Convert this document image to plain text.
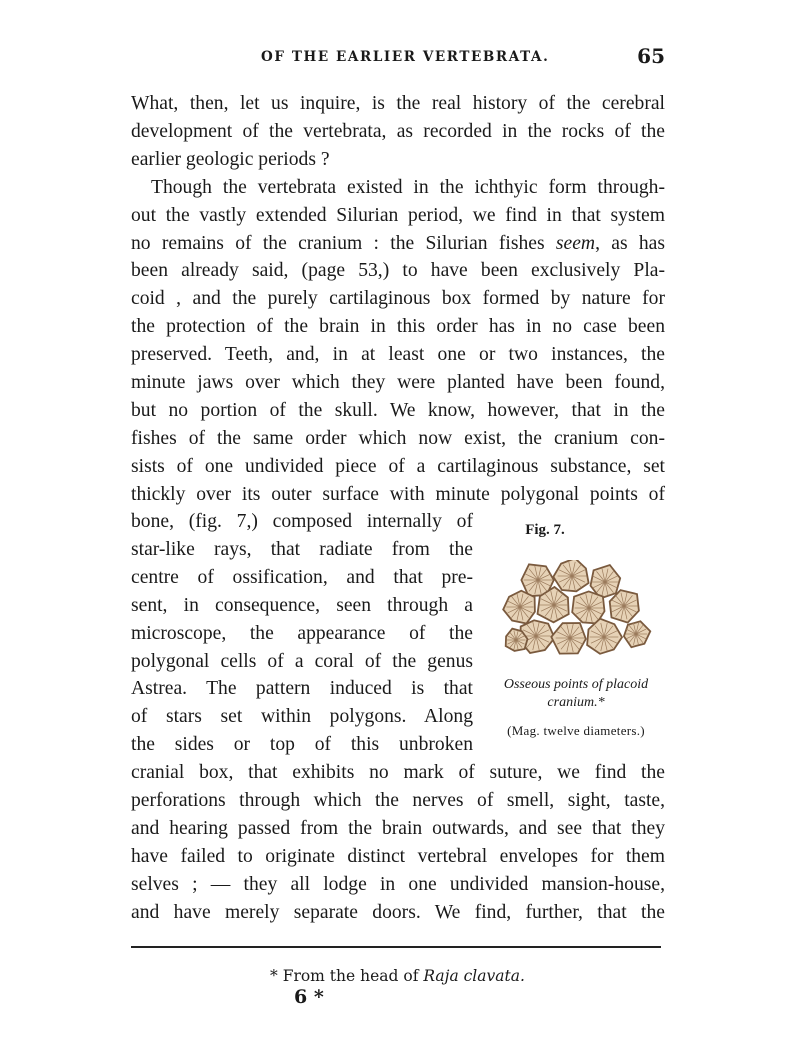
OF THE EARLIER VERTEBRATA.	65
What, then, let us inquire, is the real history of the cerebral
development of the vertebrata, as recorded in the rocks of the
earlier geologic periods ?
Though the vertebrata existed in the ichthyic form through-
out the vastly extended Silurian period, we find in that system
no remains of the cranium : the Silurian fishes seem, as has
been already said, (page 53,) to have been exclusively Pla-
coid , and the purely cartilaginous box formed by nature for
the protection of the brain in this order has in no case been
preserved. Teeth, and, in at least one or two instances, the
minute jaws over which they were planted have been found,
but no portion of the skull. We know, however, that in the
fishes of the same order which now exist, the cranium con-
sists of one undivided piece of a cartilaginous substance, set
thickly over its outer surface with minute polygonal points of
bone, (fig. 7,) composed internally of
star-like rays, that radiate from the
centre of ossification, and that pre-
sent, in consequence, seen through a
microscope, the appearance of the
polygonal cells of a coral of the genus
Astrea. The pattern induced is that
of stars set within polygons. Along
the sides or top of this unbroken
cranial box, that exhibits no mark of suture, we find the
perforations through which the nerves of smell, sight, taste,
and hearing passed from the brain outwards, and see that they
have failed to originate distinct vertebral envelopes for them
selves ; — they all lodge in one undivided mansion-house,
and have merely separate doors. We find, further, that the
Fig. 7.
Osseous points of placoid
cranium.*
(Mag. twelve diameters.)
* From the head of Raja clavata.
6 *
